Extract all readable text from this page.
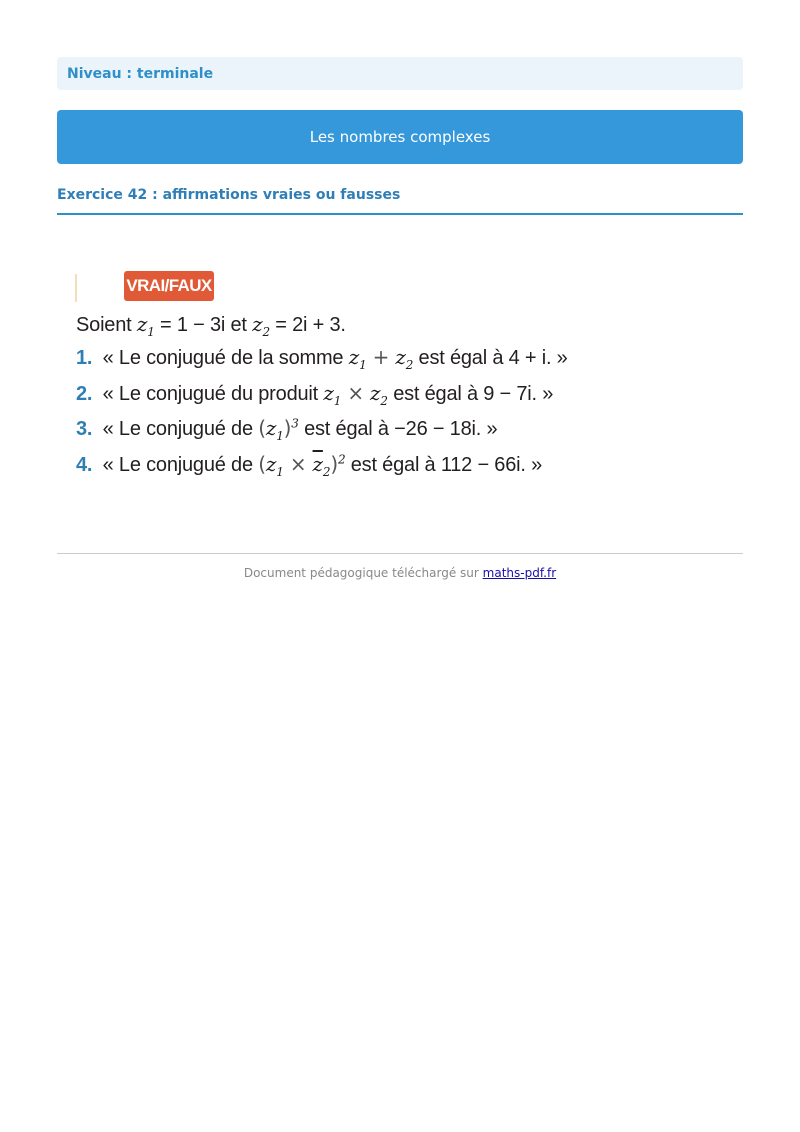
Niveau : terminale
Les nombres complexes
Exercice 42 : affirmations vraies ou fausses
VRAI/FAUX
Soient $z_1 = 1 - 3i$ et $z_2 = 2i + 3$.
1. « Le conjugué de la somme $z_1 + z_2$ est égal à 4 + i. »
2. « Le conjugué du produit $z_1 \times z_2$ est égal à 9 − 7i. »
3. « Le conjugué de $(z_1)^3$ est égal à −26 − 18i. »
4. « Le conjugué de $(z_1 \times \overline{z}_2)^2$ est égal à 112 − 66i. »
Document pédagogique téléchargé sur maths-pdf.fr
